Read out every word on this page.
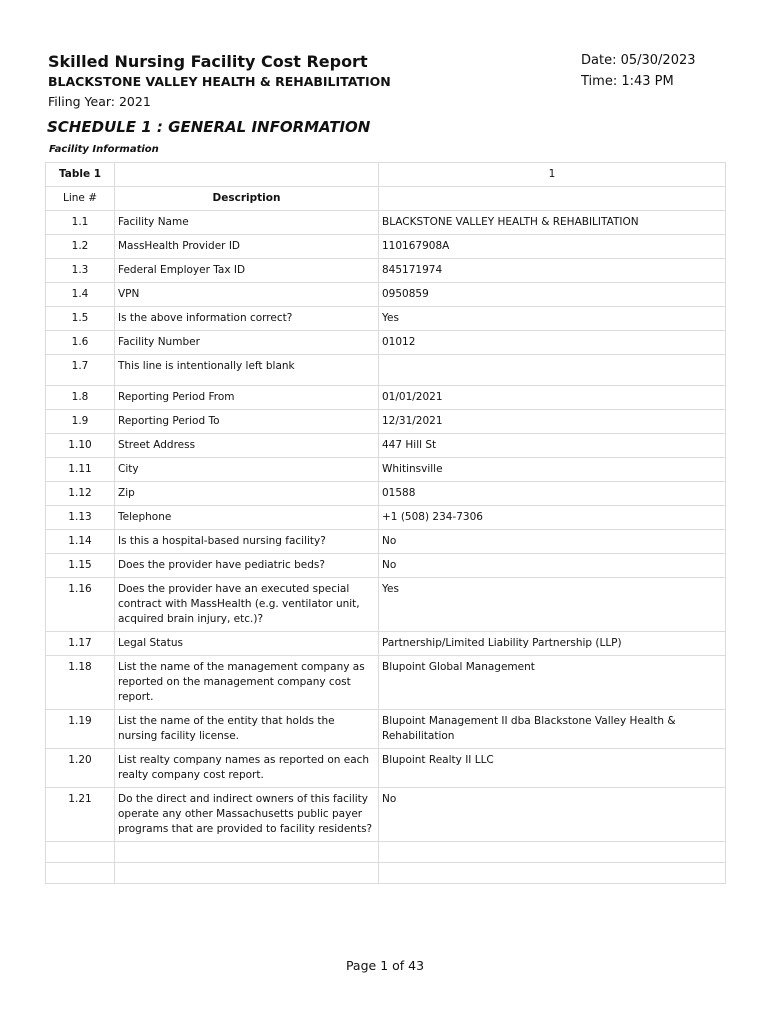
Skilled Nursing Facility Cost Report
BLACKSTONE VALLEY HEALTH & REHABILITATION
Filing Year: 2021
Date: 05/30/2023
Time: 1:43 PM
SCHEDULE 1 : GENERAL INFORMATION
Facility Information
Table 1		1
Line #	Description	
1.1	Facility Name	BLACKSTONE VALLEY HEALTH & REHABILITATION
1.2	MassHealth Provider ID	110167908A
1.3	Federal Employer Tax ID	845171974
1.4	VPN	0950859
1.5	Is the above information correct?	Yes
1.6	Facility Number	01012
1.7	This line is intentionally left blank	
1.8	Reporting Period From	01/01/2021
1.9	Reporting Period To	12/31/2021
1.10	Street Address	447 Hill St
1.11	City	Whitinsville
1.12	Zip	01588
1.13	Telephone	+1 (508) 234-7306
1.14	Is this a hospital-based nursing facility?	No
1.15	Does the provider have pediatric beds?	No
1.16	Does the provider have an executed special contract with MassHealth (e.g. ventilator unit, acquired brain injury, etc.)?	Yes
1.17	Legal Status	Partnership/Limited Liability Partnership (LLP)
1.18	List the name of the management company as reported on the management company cost report.	Blupoint Global Management
1.19	List the name of the entity that holds the nursing facility license.	Blupoint Management II dba Blackstone Valley Health & Rehabilitation
1.20	List realty company names as reported on each realty company cost report.	Blupoint Realty II LLC
1.21	Do the direct and indirect owners of this facility operate any other Massachusetts public payer programs that are provided to facility residents?	No

Page 1 of 43
